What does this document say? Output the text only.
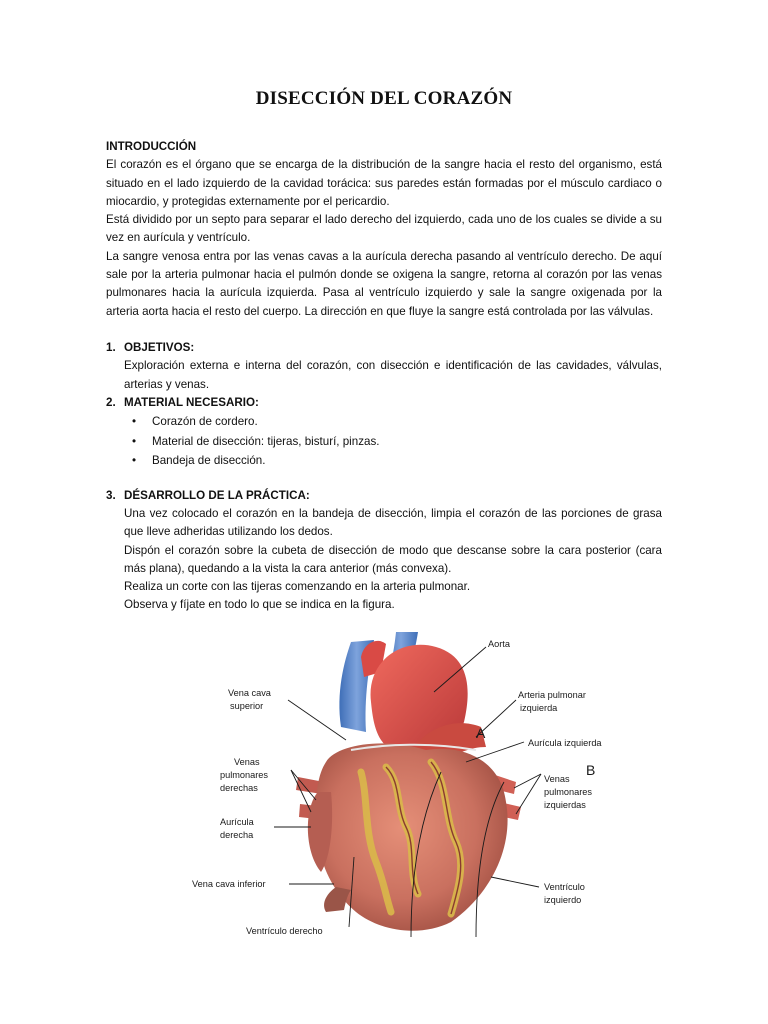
DISECCIÓN DEL CORAZÓN
INTRODUCCIÓN

El corazón es el órgano que se encarga de la distribución de la sangre hacia el resto del organismo, está situado en el lado izquierdo de la cavidad torácica: sus paredes están formadas por el músculo cardiaco o miocardio, y protegidas externamente por el pericardio.

Está dividido por un septo para separar el lado derecho del izquierdo, cada uno de los cuales se divide a su vez en aurícula y ventrículo.

La sangre venosa entra por las venas cavas a la aurícula derecha pasando al ventrículo derecho. De aquí sale por la arteria pulmonar hacia el pulmón donde se oxigena la sangre, retorna al corazón por las venas pulmonares hacia la aurícula izquierda. Pasa al ventrículo izquierdo y sale la sangre oxigenada por la arteria aorta hacia el resto del cuerpo. La dirección en que fluye la sangre está controlada por las válvulas.

1. OBJETIVOS:

Exploración externa e interna del corazón, con disección e identificación de las cavidades, válvulas, arterias y venas.

2. MATERIAL NECESARIO:
•	Corazón de cordero.
•	Material de disección: tijeras, bisturí, pinzas.
•	Bandeja de disección.
3. DÉSARROLLO DE LA PRÁCTICA:

Una vez colocado el corazón en la bandeja de disección, limpia el corazón de las porciones de grasa que lleve adheridas utilizando los dedos.

Dispón el corazón sobre la cubeta de disección de modo que descanse sobre la cara posterior (cara más plana), quedando a la vista la cara anterior (más convexa).

Realiza un corte con las tijeras comenzando en la arteria pulmonar.

Observa y fíjate en todo lo que se indica en la figura.

Aorta
Vena cava
superior
Arteria pulmonar
izquierda
A
Aurícula izquierda
B
Venas
pulmonares
derechas
Venas
pulmonares
izquierdas
Aurícula
derecha
Vena cava inferior	Ventrículo
izquierdo
Ventrículo derecho
